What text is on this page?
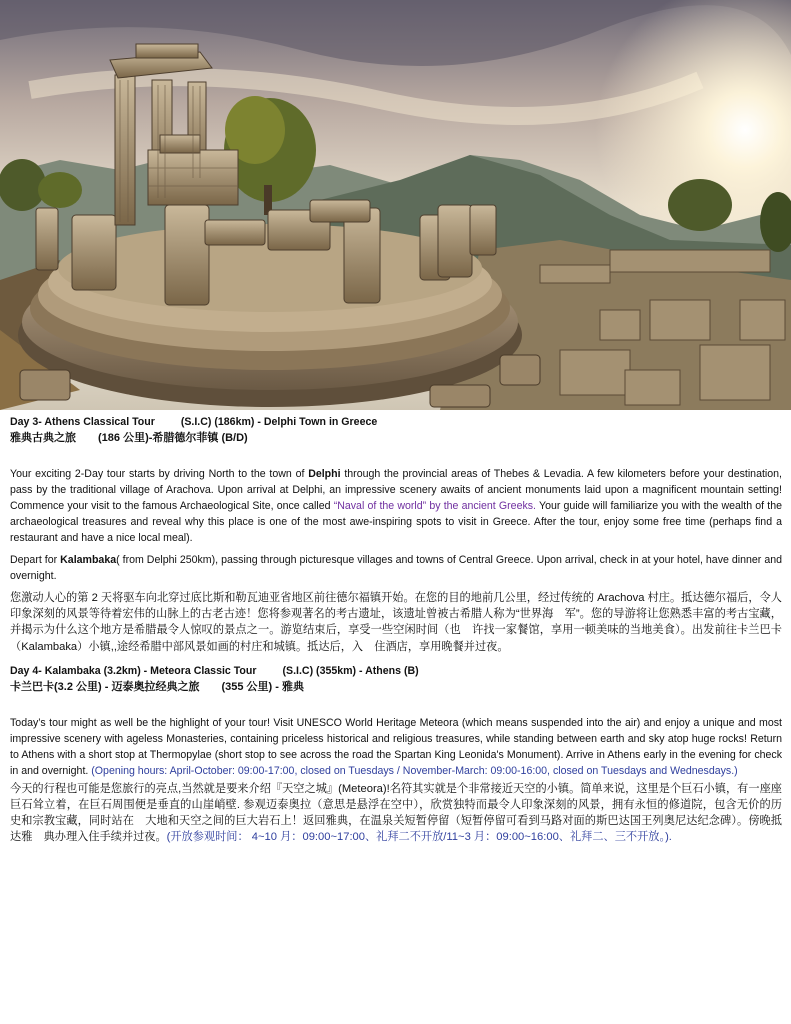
Day 3- Athens Classical Tour (S.I.C) (186km) - Delphi Town in Greece

雅典古典之旅 (186 公里)-希腊德尔菲镇 (B/D)

Your exciting 2-Day tour starts by driving North to the town of Delphi through the provincial areas of Thebes & Levadia. A few kilometers before your destination, pass by the traditional village of Arachova. Upon arrival at Delphi, an impressive scenery awaits of ancient monuments laid upon a magnificent mountain setting! Commence your visit to the famous Archaeological Site, once called “Naval of the world” by the ancient Greeks. Your guide will familiarize you with the wealth of the archaeological treasures and reveal why this place is one of the most awe-inspiring spots to visit in Greece. After the tour, enjoy some free time (perhaps find a restaurant and have a nice local meal).

Depart for Kalambaka( from Delphi 250km), passing through picturesque villages and towns of Central Greece. Upon arrival, check in at your hotel, have dinner and overnight.

您激动人心的第 2 天将驱车向北穿过底比斯和勒瓦迪亚省地区前往德尔福镇开始。在您的目的地前几公里，经过传统的 Arachova 村庄。抵达德尔福后，令人印象深刻的风景等待着宏伟的山脉上的古老古迹！您将参观著名的考古遗址，该遗址曾被古希腊人称为“世界海　军”。您的导游将让您熟悉丰富的考古宝藏，并揭示为什么这个地方是希腊最令人惊叹的景点之一。游览结束后，享受一些空闲时间（也　许找一家餐馆，享用一顿美味的当地美食）。出发前往卡兰巴卡（Kalambaka）小镇,,途经希腊中部风景如画的村庄和城镇。抵达后，入　住酒店，享用晚餐并过夜。

Day 4- Kalambaka (3.2km) - Meteora Classic Tour (S.I.C) (355km) - Athens (B)

卡兰巴卡(3.2 公里) - 迈泰奥拉经典之旅 (355 公里) - 雅典

Today’s tour might as well be the highlight of your tour! Visit UNESCO World Heritage Meteora (which means suspended into the air) and enjoy a unique and most impressive scenery with ageless Monasteries, containing priceless historical and religious treasures, while standing between earth and sky atop huge rocks! Return to Athens with a short stop at Thermopylae (short stop to see across the road the Spartan King Leonida's Monument). Arrive in Athens early in the evening for check in and overnight. (Opening hours: April-October: 09:00-17:00, closed on Tuesdays / November-March: 09:00-16:00, closed on Tuesdays and Wednesdays.)

今天的行程也可能是您旅行的亮点,当然就是要来介绍『天空之城』(Meteora)!名符其实就是个非常接近天空的小镇。简单来说，这里是个巨石小镇，有一座座巨石耸立着，在巨石周围便是垂直的山崖峭壁. 参观迈泰奥拉（意思是悬浮在空中），欣赏独特而最令人印象深刻的风景，拥有永恒的修道院，包含无价的历史和宗教宝藏，同时站在　大地和天空之间的巨大岩石上！返回雅典，在温泉关短暂停留（短暂停留可看到马路对面的斯巴达国王列奥尼达纪念碑）。傍晚抵达雅　典办理入住手续并过夜。(开放参观时间： 4~10 月：09:00~17:00、礼拜二不开放/11~3 月：09:00~16:00、礼拜二、三不开放。).
